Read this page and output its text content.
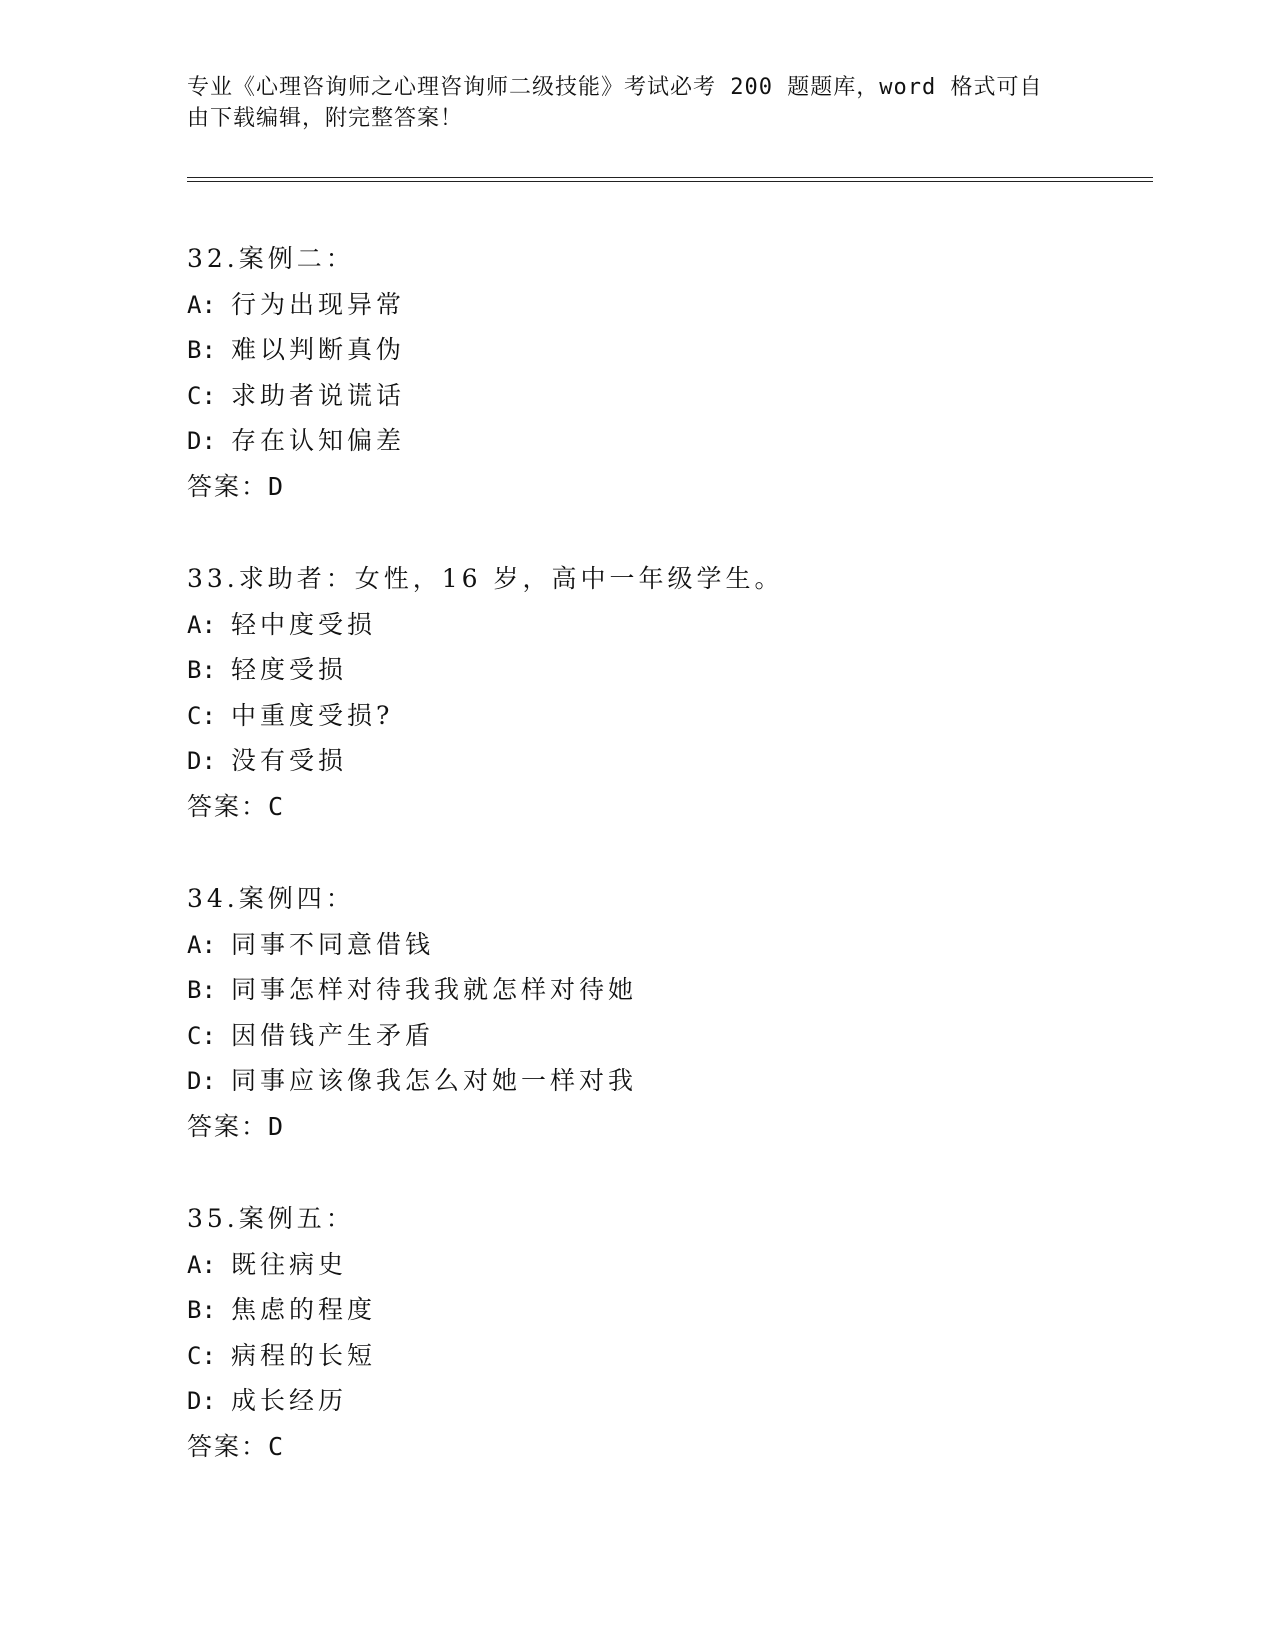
专业《心理咨询师之心理咨询师二级技能》考试必考 200 题题库，word 格式可自
由下载编辑，附完整答案！
32.案例二：
A: 行为出现异常
B: 难以判断真伪
C: 求助者说谎话
D: 存在认知偏差
答案：D
33.求助者：女性，16 岁，高中一年级学生。
A: 轻中度受损
B: 轻度受损
C: 中重度受损?
D: 没有受损
答案：C
34.案例四：
A: 同事不同意借钱
B: 同事怎样对待我我就怎样对待她
C: 因借钱产生矛盾
D: 同事应该像我怎么对她一样对我
答案：D
35.案例五：
A: 既往病史
B: 焦虑的程度
C: 病程的长短
D: 成长经历
答案：C
